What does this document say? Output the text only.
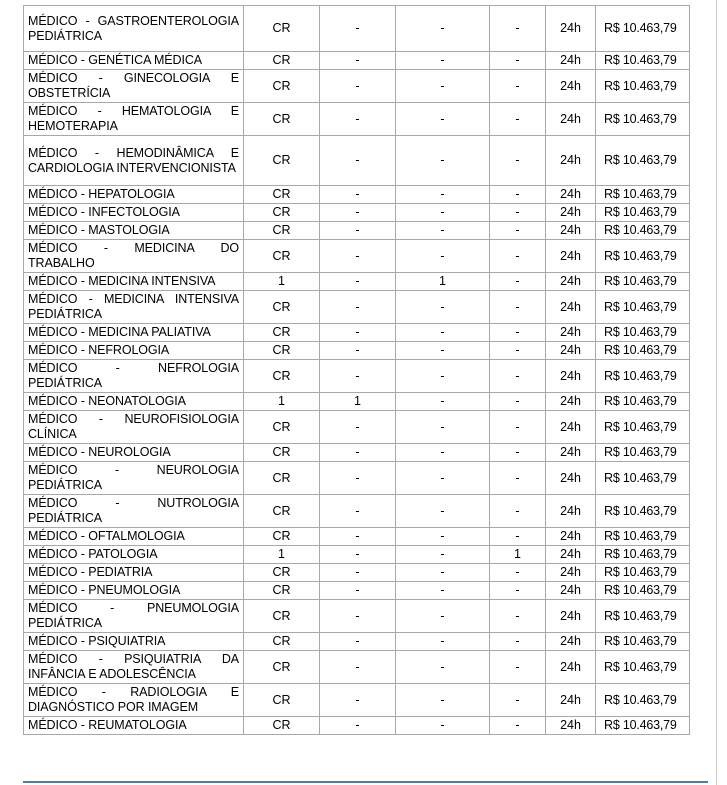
MÉDICO - GASTROENTEROLOGIA PEDIÁTRICA	CR	-	-	-	24h	R$ 10.463,79
MÉDICO - GENÉTICA MÉDICA	CR	-	-	-	24h	R$ 10.463,79
MÉDICO - GINECOLOGIA E OBSTETRÍCIA	CR	-	-	-	24h	R$ 10.463,79
MÉDICO - HEMATOLOGIA E HEMOTERAPIA	CR	-	-	-	24h	R$ 10.463,79
MÉDICO - HEMODINÂMICA E CARDIOLOGIA INTERVENCIONISTA	CR	-	-	-	24h	R$ 10.463,79
MÉDICO - HEPATOLOGIA	CR	-	-	-	24h	R$ 10.463,79
MÉDICO - INFECTOLOGIA	CR	-	-	-	24h	R$ 10.463,79
MÉDICO - MASTOLOGIA	CR	-	-	-	24h	R$ 10.463,79
MÉDICO - MEDICINA DO TRABALHO	CR	-	-	-	24h	R$ 10.463,79
MÉDICO - MEDICINA INTENSIVA	1	-	1	-	24h	R$ 10.463,79
MÉDICO - MEDICINA INTENSIVA PEDIÁTRICA	CR	-	-	-	24h	R$ 10.463,79
MÉDICO - MEDICINA PALIATIVA	CR	-	-	-	24h	R$ 10.463,79
MÉDICO - NEFROLOGIA	CR	-	-	-	24h	R$ 10.463,79
MÉDICO - NEFROLOGIA PEDIÁTRICA	CR	-	-	-	24h	R$ 10.463,79
MÉDICO - NEONATOLOGIA	1	1	-	-	24h	R$ 10.463,79
MÉDICO - NEUROFISIOLOGIA CLÍNICA	CR	-	-	-	24h	R$ 10.463,79
MÉDICO - NEUROLOGIA	CR	-	-	-	24h	R$ 10.463,79
MÉDICO - NEUROLOGIA PEDIÁTRICA	CR	-	-	-	24h	R$ 10.463,79
MÉDICO - NUTROLOGIA PEDIÁTRICA	CR	-	-	-	24h	R$ 10.463,79
MÉDICO - OFTALMOLOGIA	CR	-	-	-	24h	R$ 10.463,79
MÉDICO - PATOLOGIA	1	-	-	1	24h	R$ 10.463,79
MÉDICO - PEDIATRIA	CR	-	-	-	24h	R$ 10.463,79
MÉDICO - PNEUMOLOGIA	CR	-	-	-	24h	R$ 10.463,79
MÉDICO - PNEUMOLOGIA PEDIÁTRICA	CR	-	-	-	24h	R$ 10.463,79
MÉDICO - PSIQUIATRIA	CR	-	-	-	24h	R$ 10.463,79
MÉDICO - PSIQUIATRIA DA INFÂNCIA E ADOLESCÊNCIA	CR	-	-	-	24h	R$ 10.463,79
MÉDICO - RADIOLOGIA E DIAGNÓSTICO POR IMAGEM	CR	-	-	-	24h	R$ 10.463,79
MÉDICO - REUMATOLOGIA	CR	-	-	-	24h	R$ 10.463,79
